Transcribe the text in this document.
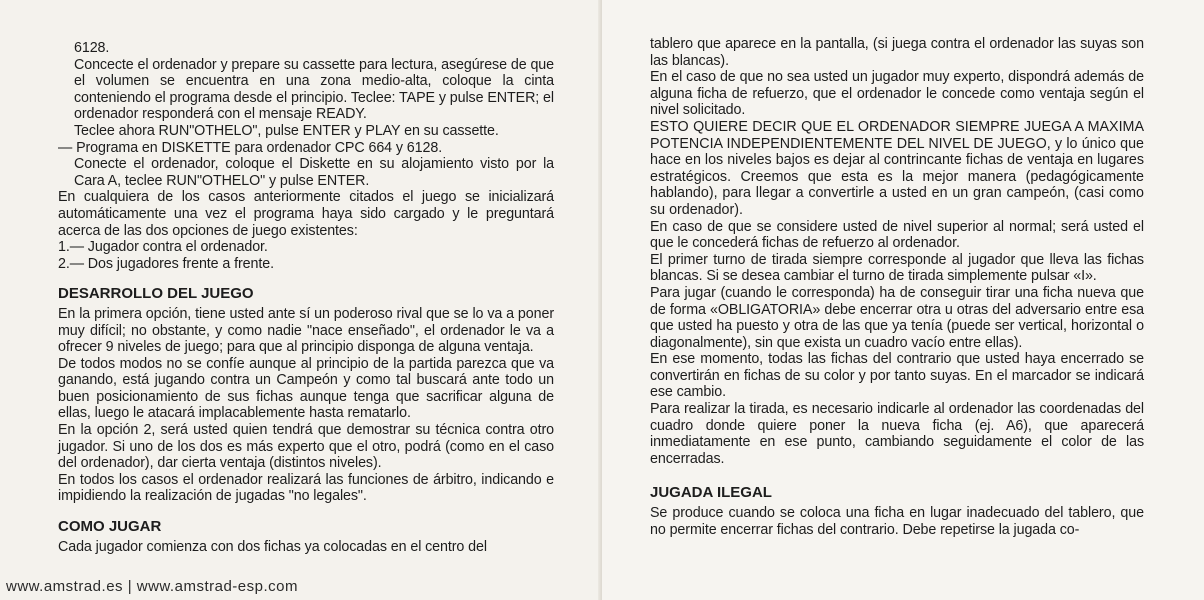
6128.

Concecte el ordenador y prepare su cassette para lectura, asegúrese de que el volumen se encuentra en una zona medio-alta, coloque la cinta conteniendo el programa desde el principio. Teclee: TAPE y pulse ENTER; el ordenador responderá con el mensaje READY.

Teclee ahora RUN"OTHELO", pulse ENTER y PLAY en su cassette.

— Programa en DISKETTE para ordenador CPC 664 y 6128.

Conecte el ordenador, coloque el Diskette en su alojamiento visto por la Cara A, teclee RUN"OTHELO" y pulse ENTER.

En cualquiera de los casos anteriormente citados el juego se inicializará automáticamente una vez el programa haya sido cargado y le preguntará acerca de las dos opciones de juego existentes:

1.— Jugador contra el ordenador.

2.— Dos jugadores frente a frente.

DESARROLLO DEL JUEGO

En la primera opción, tiene usted ante sí un poderoso rival que se lo va a poner muy difícil; no obstante, y como nadie "nace enseñado", el ordenador le va a ofrecer 9 niveles de juego; para que al principio disponga de alguna ventaja.

De todos modos no se confíe aunque al principio de la partida parezca que va ganando, está jugando contra un Campeón y como tal buscará ante todo un buen posicionamiento de sus fichas aunque tenga que sacrificar alguna de ellas, luego le atacará implacablemente hasta rematarlo.

En la opción 2, será usted quien tendrá que demostrar su técnica contra otro jugador. Si uno de los dos es más experto que el otro, podrá (como en el caso del ordenador), dar cierta ventaja (distintos niveles).

En todos los casos el ordenador realizará las funciones de árbitro, indicando e impidiendo la realización de jugadas "no legales".

COMO JUGAR

Cada jugador comienza con dos fichas ya colocadas en el centro del

tablero que aparece en la pantalla, (si juega contra el ordenador las suyas son las blancas).

En el caso de que no sea usted un jugador muy experto, dispondrá además de alguna ficha de refuerzo, que el ordenador le concede como ventaja según el nivel solicitado.

ESTO QUIERE DECIR QUE EL ORDENADOR SIEMPRE JUEGA A MAXIMA POTENCIA INDEPENDIENTEMENTE DEL NIVEL DE JUEGO, y lo único que hace en los niveles bajos es dejar al contrincante fichas de ventaja en lugares estratégicos. Creemos que esta es la mejor manera (pedagógicamente hablando), para llegar a convertirle a usted en un gran campeón, (casi como su ordenador).

En caso de que se considere usted de nivel superior al normal; será usted el que le concederá fichas de refuerzo al ordenador.

El primer turno de tirada siempre corresponde al jugador que lleva las fichas blancas. Si se desea cambiar el turno de tirada simplemente pulsar «I».

Para jugar (cuando le corresponda) ha de conseguir tirar una ficha nueva que de forma «OBLIGATORIA» debe encerrar otra u otras del adversario entre esa que usted ha puesto y otra de las que ya tenía (puede ser vertical, horizontal o diagonalmente), sin que exista un cuadro vacío entre ellas).

En ese momento, todas las fichas del contrario que usted haya encerrado se convertirán en fichas de su color y por tanto suyas. En el marcador se indicará ese cambio.

Para realizar la tirada, es necesario indicarle al ordenador las coordenadas del cuadro donde quiere poner la nueva ficha (ej. A6), que aparecerá inmediatamente en ese punto, cambiando seguidamente el color de las encerradas.

JUGADA ILEGAL

Se produce cuando se coloca una ficha en lugar inadecuado del tablero, que no permite encerrar fichas del contrario. Debe repetirse la jugada co-

www.amstrad.es | www.amstrad-esp.com
